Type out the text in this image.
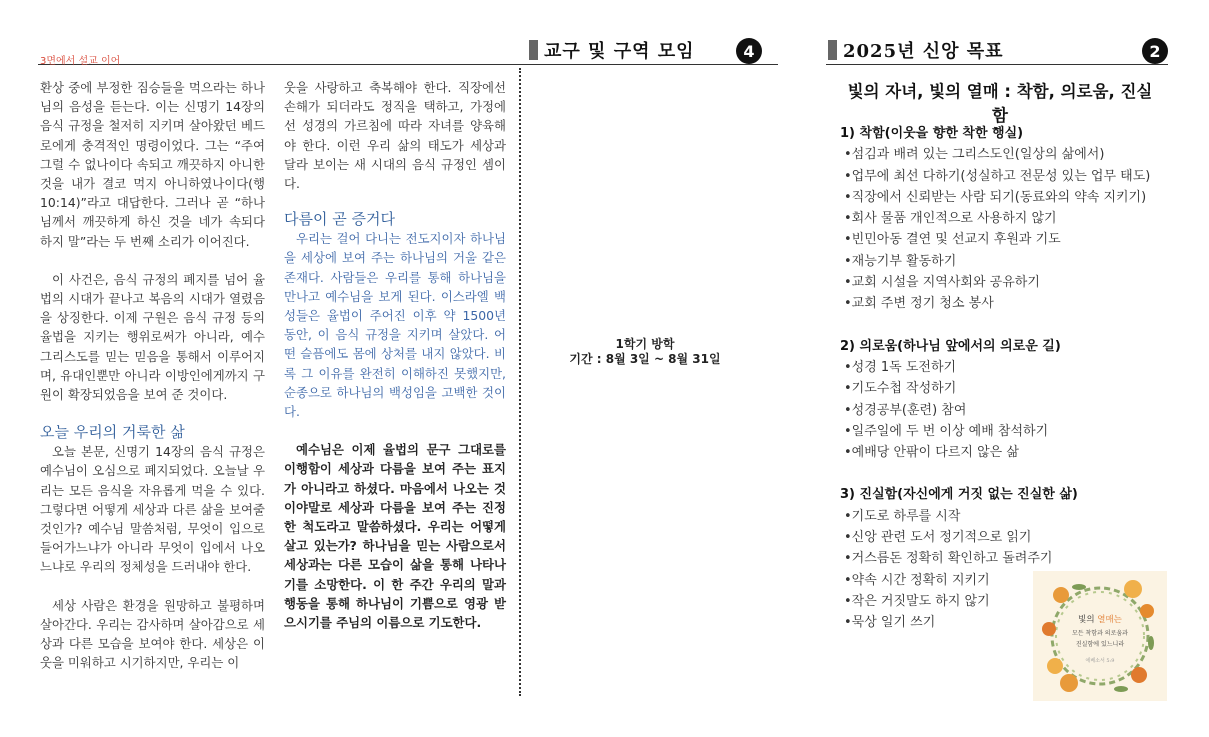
3면에서 설교 이어	교구 및 구역 모임	4	2025년 신앙 목표	2

환상 중에 부정한 짐승들을 먹으라는 하나님의 음성을 듣는다. 이는 신명기 14장의 음식 규정을 철저히 지키며 살아왔던 베드로에게 충격적인 명령이었다. 그는 “주여 그럴 수 없나이다 속되고 깨끗하지 아니한 것을 내가 결코 먹지 아니하였나이다(행 10:14)”라고 대답한다. 그러나 곧 “하나님께서 깨끗하게 하신 것을 네가 속되다 하지 말”라는 두 번째 소리가 이어진다.

이 사건은, 음식 규정의 폐지를 넘어 율법의 시대가 끝나고 복음의 시대가 열렸음을 상징한다. 이제 구원은 음식 규정 등의 율법을 지키는 행위로써가 아니라, 예수 그리스도를 믿는 믿음을 통해서 이루어지며, 유대인뿐만 아니라 이방인에게까지 구원이 확장되었음을 보여 준 것이다.

오늘 우리의 거룩한 삶

오늘 본문, 신명기 14장의 음식 규정은 예수님이 오심으로 폐지되었다. 오늘날 우리는 모든 음식을 자유롭게 먹을 수 있다. 그렇다면 어떻게 세상과 다른 삶을 보여줄 것인가? 예수님 말씀처럼, 무엇이 입으로 들어가느냐가 아니라 무엇이 입에서 나오느냐로 우리의 정체성을 드러내야 한다.

세상 사람은 환경을 원망하고 불평하며 살아간다. 우리는 감사하며 살아감으로 세상과 다른 모습을 보여야 한다. 세상은 이웃을 미워하고 시기하지만, 우리는 이

웃을 사랑하고 축복해야 한다. 직장에선 손해가 되더라도 정직을 택하고, 가정에선 성경의 가르침에 따라 자녀를 양육해야 한다. 이런 우리 삶의 태도가 세상과 달라 보이는 새 시대의 음식 규정인 셈이다.

다름이 곧 증거다

우리는 걸어 다니는 전도지이자 하나님을 세상에 보여 주는 하나님의 거울 같은 존재다. 사람들은 우리를 통해 하나님을 만나고 예수님을 보게 된다. 이스라엘 백성들은 율법이 주어진 이후 약 1500년 동안, 이 음식 규정을 지키며 살았다. 어떤 슬픔에도 몸에 상처를 내지 않았다. 비록 그 이유를 완전히 이해하진 못했지만, 순종으로 하나님의 백성임을 고백한 것이다.

예수님은 이제 율법의 문구 그대로를 이행함이 세상과 다름을 보여 주는 표지가 아니라고 하셨다. 마음에서 나오는 것이야말로 세상과 다름을 보여 주는 진정한 척도라고 말씀하셨다. 우리는 어떻게 살고 있는가? 하나님을 믿는 사람으로서 세상과는 다른 모습이 삶을 통해 나타나기를 소망한다. 이 한 주간 우리의 말과 행동을 통해 하나님이 기쁨으로 영광 받으시기를 주님의 이름으로 기도한다.

1학기 방학
기간 : 8월 3일 ~ 8월 31일
빛의 자녀, 빛의 열매 : 착함, 의로움, 진실함
1) 착함(이웃을 향한 착한 행실)
•섬김과 배려 있는 그리스도인(일상의 삶에서)
•업무에 최선 다하기(성실하고 전문성 있는 업무 태도)
•직장에서 신뢰받는 사람 되기(동료와의 약속 지키기)
•회사 물품 개인적으로 사용하지 않기
•빈민아동 결연 및 선교지 후원과 기도
•재능기부 활동하기
•교회 시설을 지역사회와 공유하기
•교회 주변 정기 청소 봉사
2) 의로움(하나님 앞에서의 의로운 길)
•성경 1독 도전하기
•기도수첩 작성하기
•성경공부(훈련) 참여
•일주일에 두 번 이상 예배 참석하기
•예배당 안팎이 다르지 않은 삶
3) 진실함(자신에게 거짓 없는 진실한 삶)
•기도로 하루를 시작
•신앙 관련 도서 정기적으로 읽기
•거스름돈 정확히 확인하고 돌려주기
•약속 시간 정확히 지키기
•작은 거짓말도 하지 않기
•묵상 일기 쓰기	빛의 열매는
모든 착함과 의로움과
진실함에 있느니라
에베소서 5:9
